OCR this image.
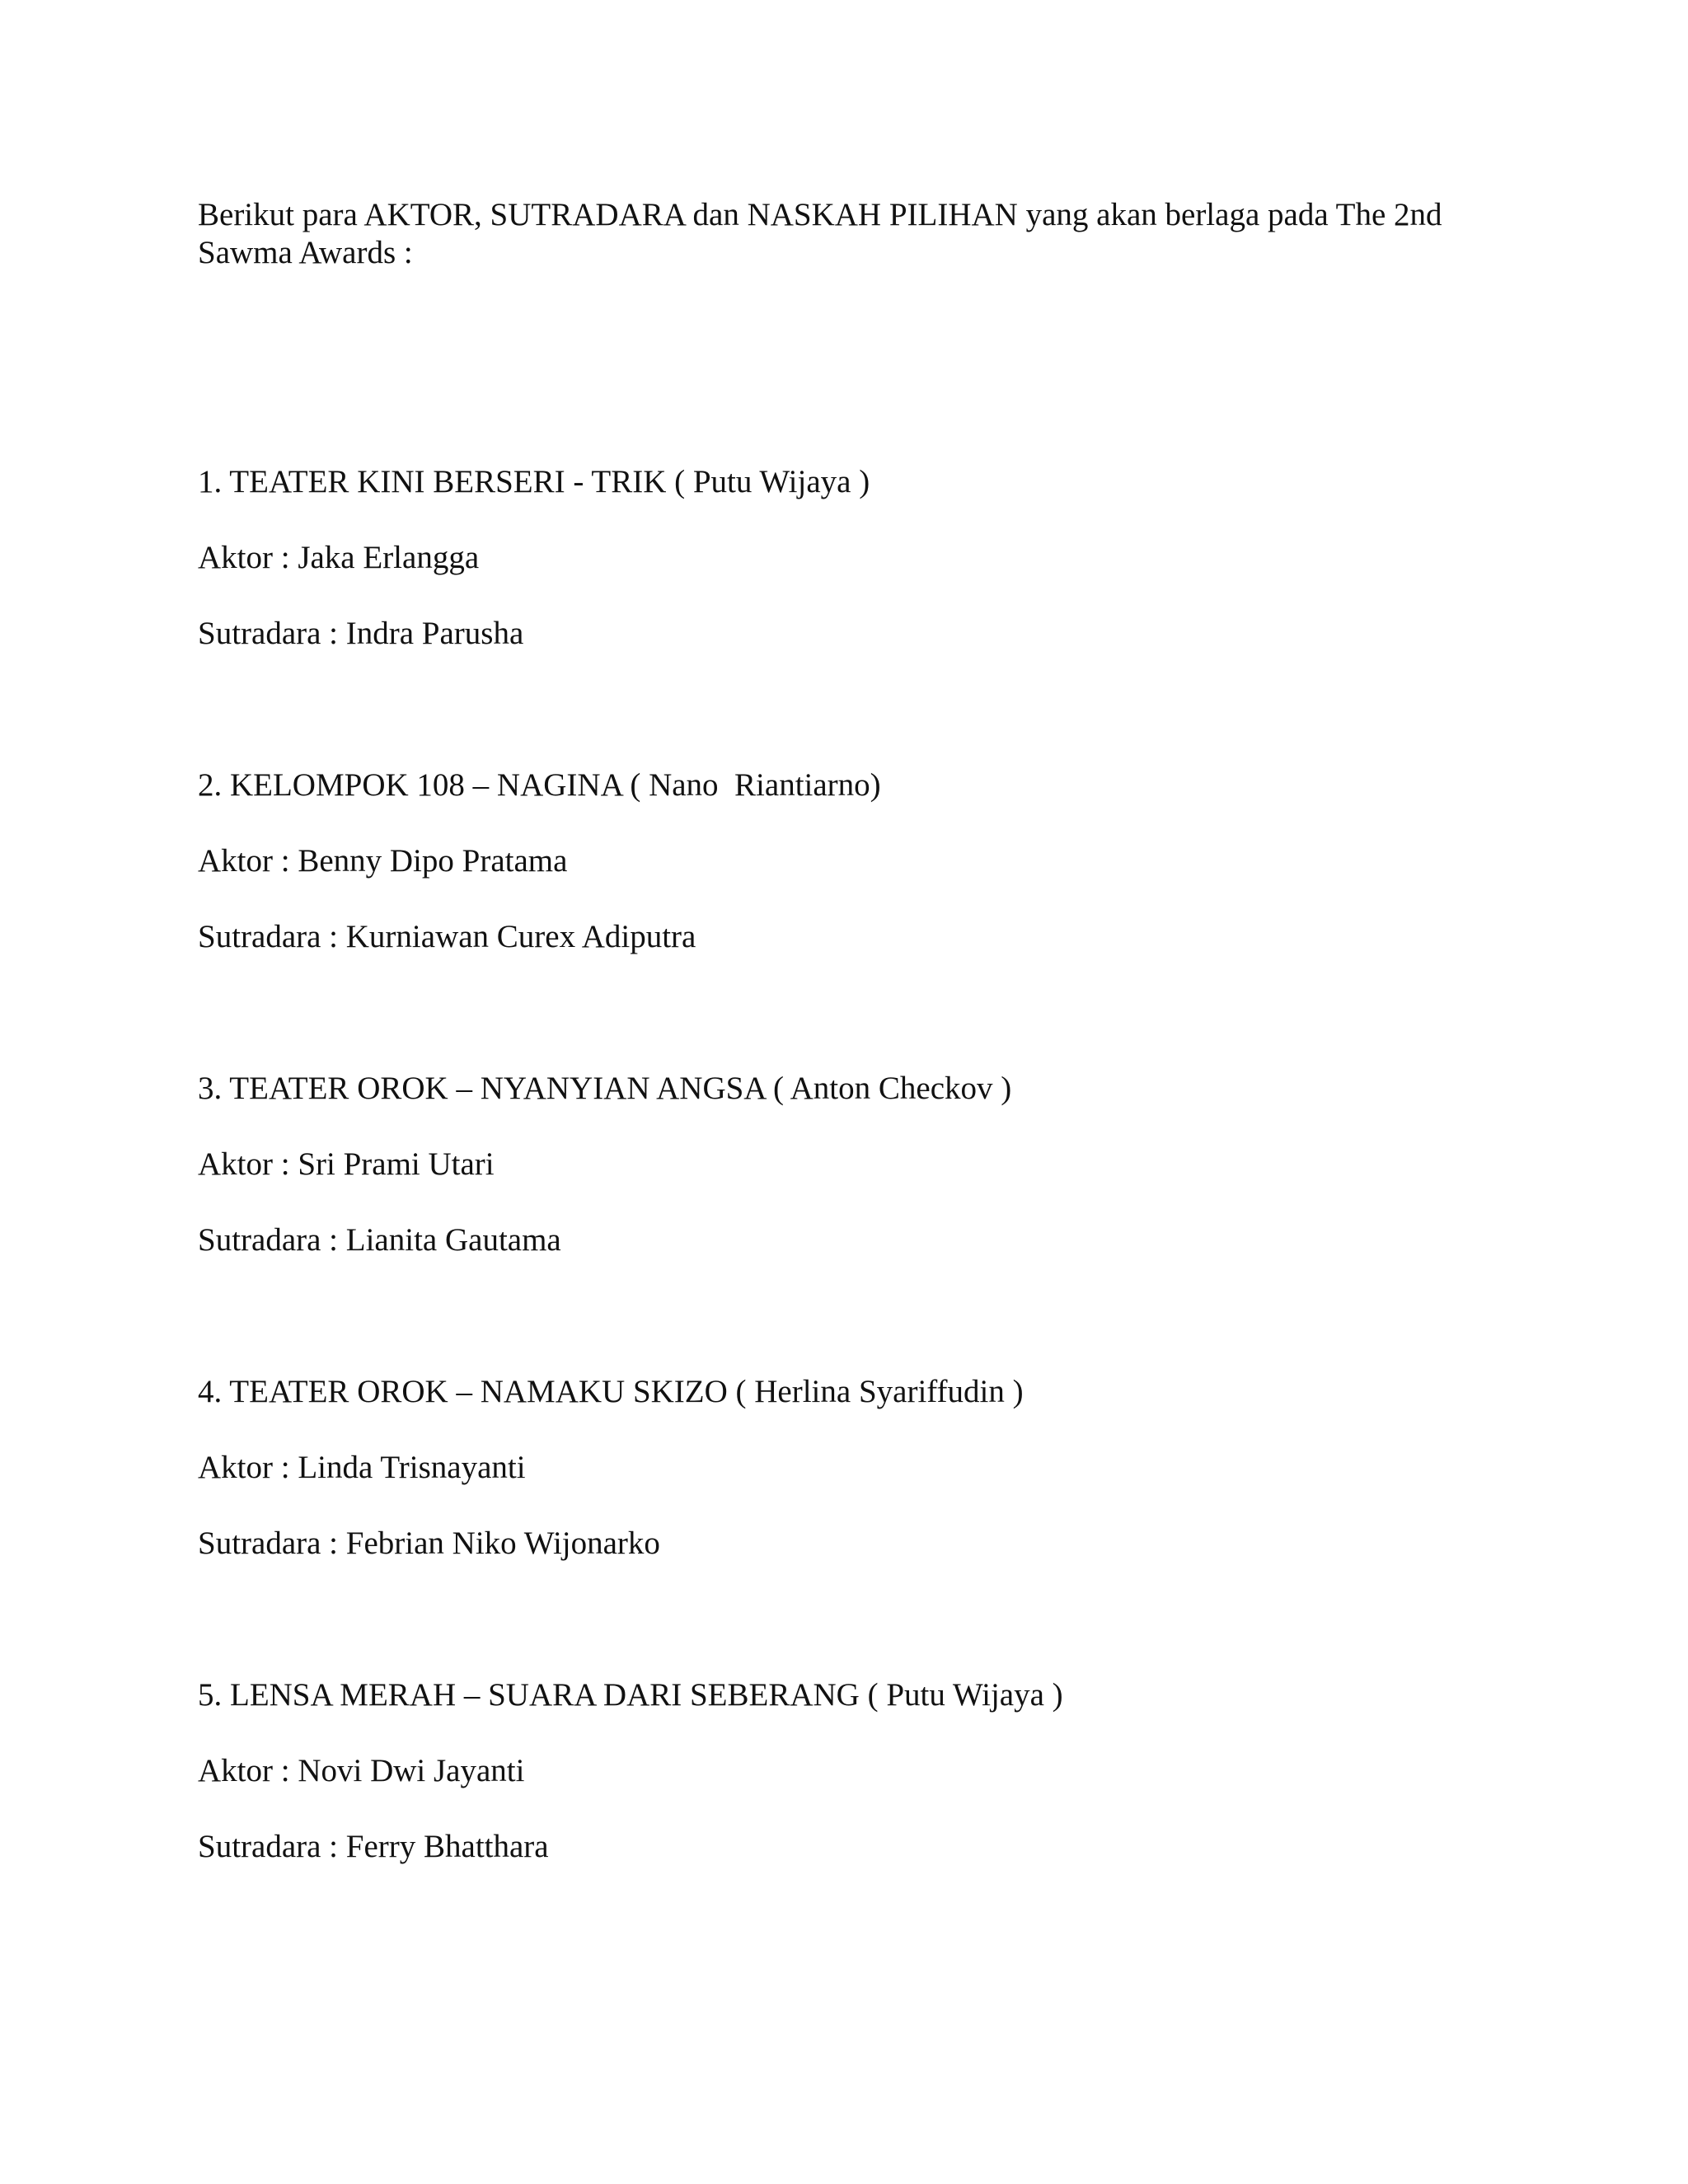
Berikut para AKTOR, SUTRADARA dan NASKAH PILIHAN yang akan berlaga pada The 2nd
Sawma Awards :
1. TEATER KINI BERSERI - TRIK ( Putu Wijaya )
Aktor : Jaka Erlangga
Sutradara : Indra Parusha
2. KELOMPOK 108 – NAGINA ( Nano  Riantiarno)
Aktor : Benny Dipo Pratama
Sutradara : Kurniawan Curex Adiputra
3. TEATER OROK – NYANYIAN ANGSA ( Anton Checkov )
Aktor : Sri Prami Utari
Sutradara : Lianita Gautama
4. TEATER OROK – NAMAKU SKIZO ( Herlina Syariffudin )
Aktor : Linda Trisnayanti
Sutradara : Febrian Niko Wijonarko
5. LENSA MERAH – SUARA DARI SEBERANG ( Putu Wijaya )
Aktor : Novi Dwi Jayanti
Sutradara : Ferry Bhatthara
